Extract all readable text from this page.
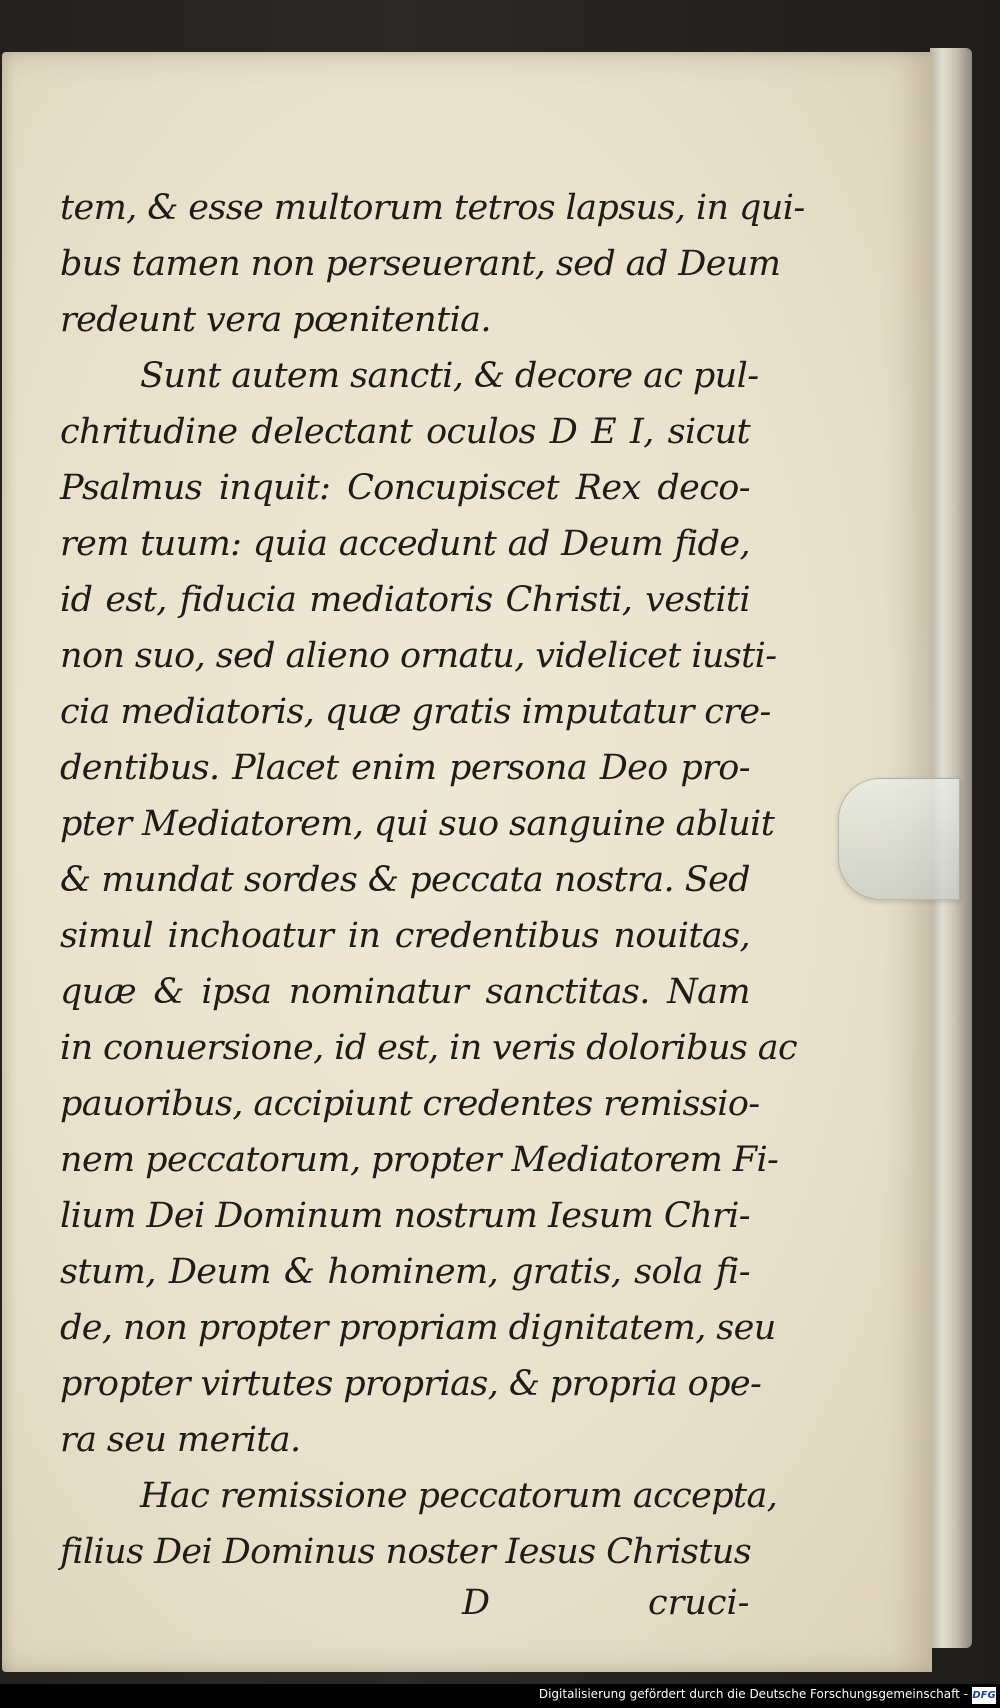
tem, & esse multorum tetros lapsus, in qui-
bus tamen non perseuerant, sed ad Deum
redeunt vera pœnitentia.
Sunt autem sancti, & decore ac pul-
chritudine delectant oculos D E I, sicut
Psalmus inquit: Concupiscet Rex deco-
rem tuum: quia accedunt ad Deum fide,
id est, fiducia mediatoris Christi, vestiti
non suo, sed alieno ornatu, videlicet iusti-
cia mediatoris, quæ gratis imputatur cre-
dentibus. Placet enim persona Deo pro-
pter Mediatorem, qui suo sanguine abluit
& mundat sordes & peccata nostra. Sed
simul inchoatur in credentibus nouitas,
quæ & ipsa nominatur sanctitas. Nam
in conuersione, id est, in veris doloribus ac
pauoribus, accipiunt credentes remissio-
nem peccatorum, propter Mediatorem Fi-
lium Dei Dominum nostrum Iesum Chri-
stum, Deum & hominem, gratis, sola fi-
de, non propter propriam dignitatem, seu
propter virtutes proprias, & propria ope-
ra seu merita.
Hac remissione peccatorum accepta,
filius Dei Dominus noster Iesus Christus
D	cruci-
Digitalisierung gefördert durch die Deutsche Forschungsgemeinschaft - DFG
